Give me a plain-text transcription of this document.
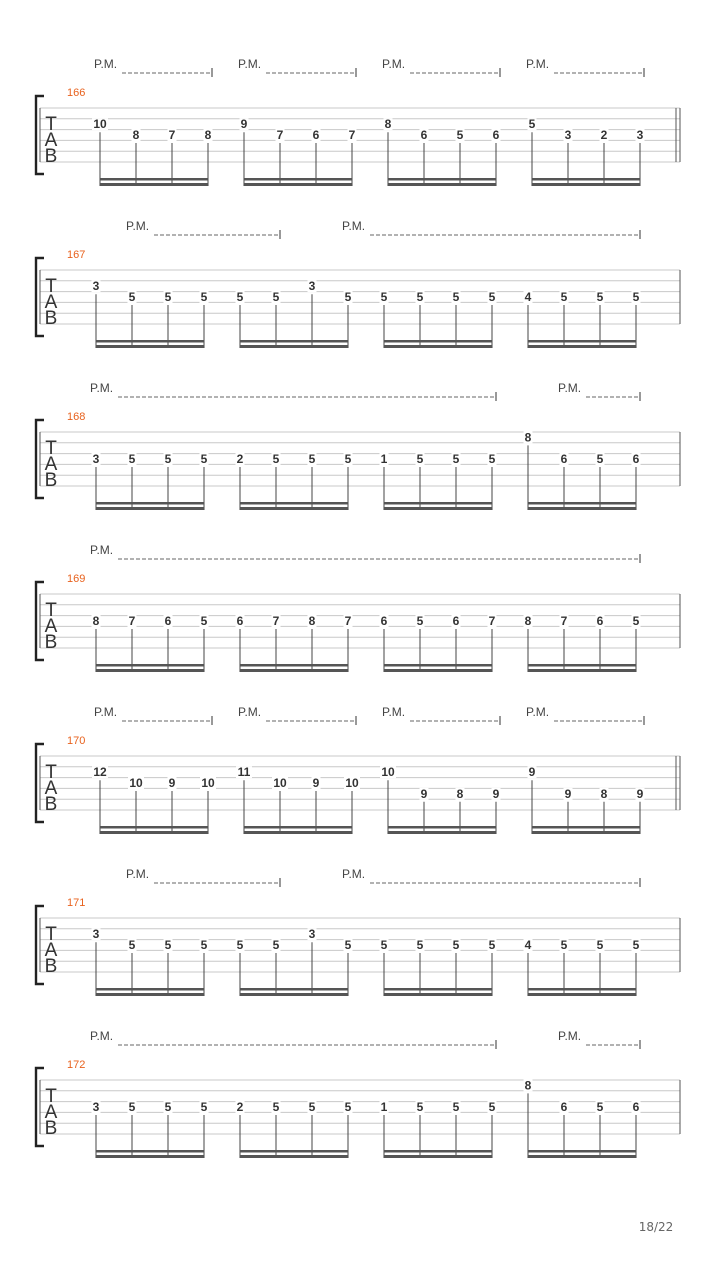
166
T
A
B
10
8 7 8
9
7 6 7
8
6 5 6
5
3 2 3
P.M.	P.M.	P.M.	P.M.
167
T
A
B
3
5 5 5 5 5
3
5 5 5 5 5 4 5 5 5
P.M.	P.M.
168
T
A
B
3 5 5 5 2 5 5 5 1 5 5 5
8
6 5 6
P.M.	P.M.
169
T
A
B
8 7 6 5 6 7 8 7 6 5 6 7 8 7 6 5
P.M.
170
T
A
B
12
10 9 10
11
10 9 10
10
9 8 9
9
9 8 9
P.M.	P.M.	P.M.	P.M.
171
T
A
B
3
5 5 5 5 5
3
5 5 5 5 5 4 5 5 5
P.M.	P.M.
172
T
A
B
3 5 5 5 2 5 5 5 1 5 5 5
8
6 5 6
P.M.	P.M.
18/22
